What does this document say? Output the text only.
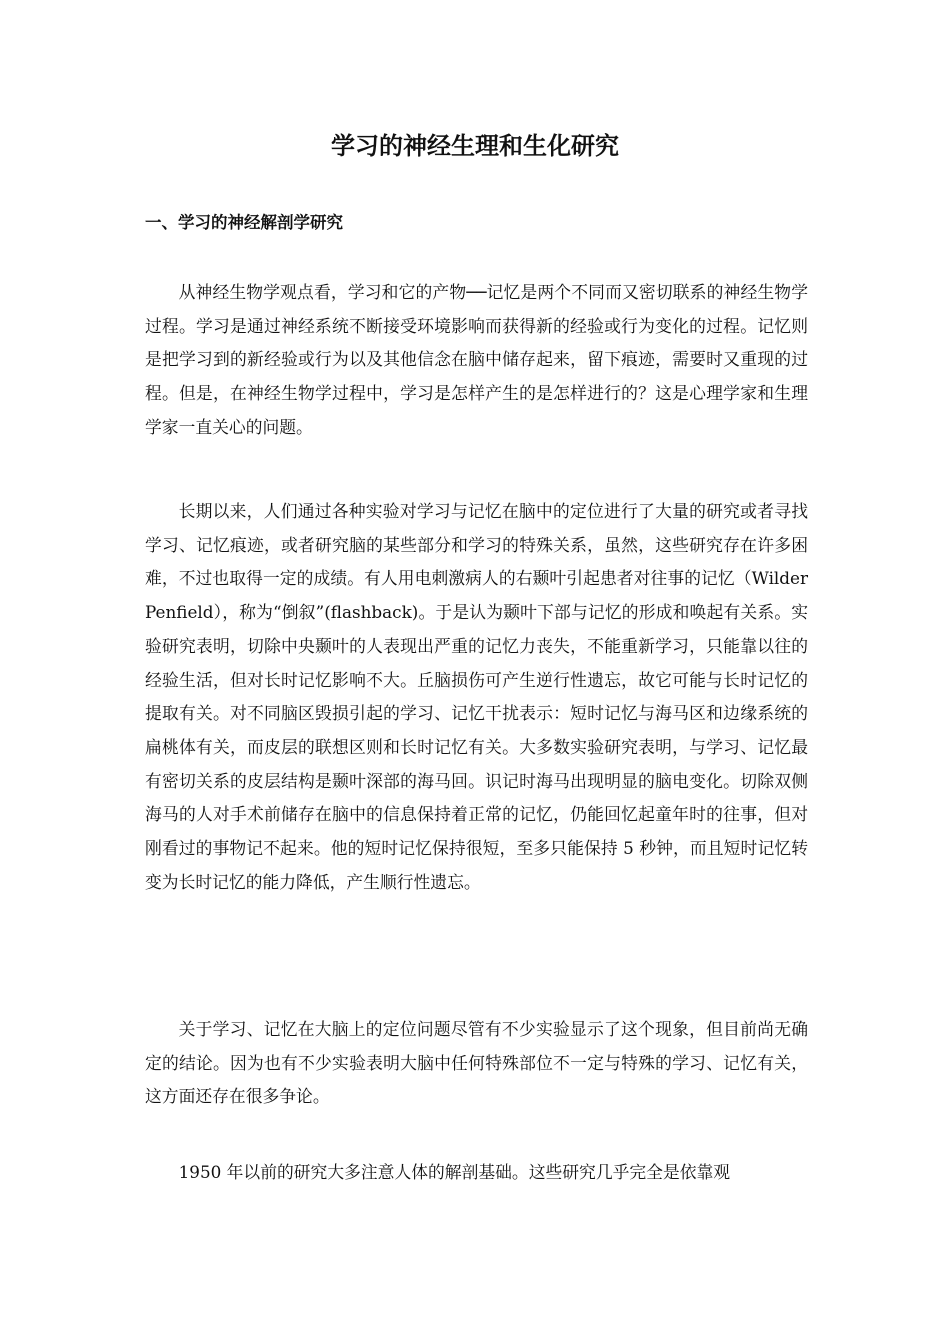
学习的神经生理和生化研究
一、学习的神经解剖学研究

从神经生物学观点看，学习和它的产物──记忆是两个不同而又密切联系的神经生物学过程。学习是通过神经系统不断接受环境影响而获得新的经验或行为变化的过程。记忆则是把学习到的新经验或行为以及其他信念在脑中储存起来，留下痕迹，需要时又重现的过程。但是，在神经生物学过程中，学习是怎样产生的是怎样进行的？这是心理学家和生理学家一直关心的问题。

长期以来，人们通过各种实验对学习与记忆在脑中的定位进行了大量的研究或者寻找学习、记忆痕迹，或者研究脑的某些部分和学习的特殊关系，虽然，这些研究存在许多困难，不过也取得一定的成绩。有人用电刺激病人的右颞叶引起患者对往事的记忆（Wilder Penfield），称为“倒叙”(flashback)。于是认为颞叶下部与记忆的形成和唤起有关系。实验研究表明，切除中央颞叶的人表现出严重的记忆力丧失，不能重新学习，只能靠以往的经验生活，但对长时记忆影响不大。丘脑损伤可产生逆行性遗忘，故它可能与长时记忆的提取有关。对不同脑区毁损引起的学习、记忆干扰表示：短时记忆与海马区和边缘系统的扁桃体有关，而皮层的联想区则和长时记忆有关。大多数实验研究表明，与学习、记忆最有密切关系的皮层结构是颞叶深部的海马回。识记时海马出现明显的脑电变化。切除双侧海马的人对手术前储存在脑中的信息保持着正常的记忆，仍能回忆起童年时的往事，但对刚看过的事物记不起来。他的短时记忆保持很短，至多只能保持 5 秒钟，而且短时记忆转变为长时记忆的能力降低，产生顺行性遗忘。

关于学习、记忆在大脑上的定位问题尽管有不少实验显示了这个现象，但目前尚无确定的结论。因为也有不少实验表明大脑中任何特殊部位不一定与特殊的学习、记忆有关，这方面还存在很多争论。

1950 年以前的研究大多注意人体的解剖基础。这些研究几乎完全是依靠观
